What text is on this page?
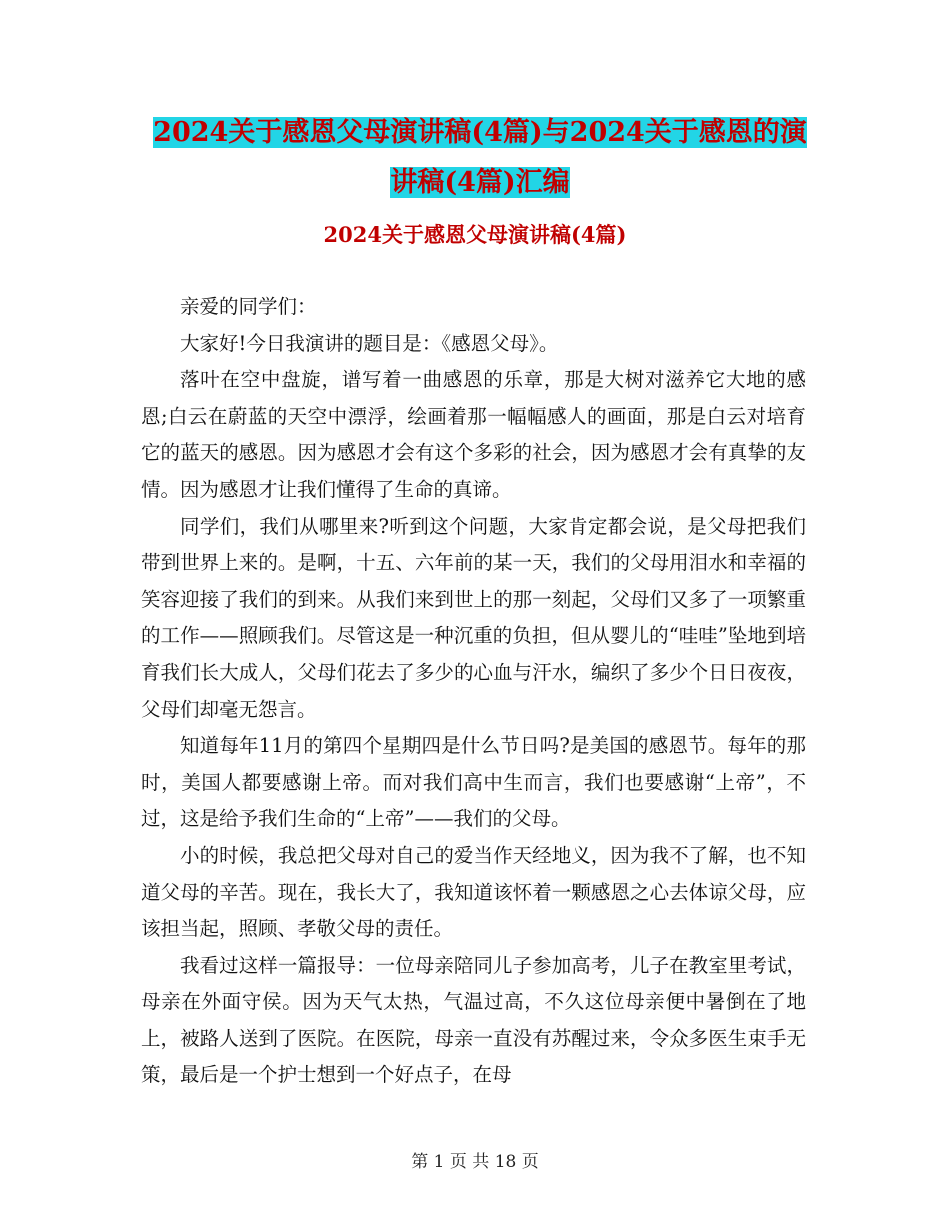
2024关于感恩父母演讲稿(4篇)与2024关于感恩的演讲稿(4篇)汇编
2024关于感恩父母演讲稿(4篇)

亲爱的同学们：

大家好!今日我演讲的题目是：《感恩父母》。

落叶在空中盘旋，谱写着一曲感恩的乐章，那是大树对滋养它大地的感恩;白云在蔚蓝的天空中漂浮，绘画着那一幅幅感人的画面，那是白云对培育它的蓝天的感恩。因为感恩才会有这个多彩的社会，因为感恩才会有真挚的友情。因为感恩才让我们懂得了生命的真谛。

同学们，我们从哪里来?听到这个问题，大家肯定都会说，是父母把我们带到世界上来的。是啊，十五、六年前的某一天，我们的父母用泪水和幸福的笑容迎接了我们的到来。从我们来到世上的那一刻起，父母们又多了一项繁重的工作——照顾我们。尽管这是一种沉重的负担，但从婴儿的“哇哇”坠地到培育我们长大成人，父母们花去了多少的心血与汗水，编织了多少个日日夜夜，父母们却毫无怨言。

知道每年11月的第四个星期四是什么节日吗?是美国的感恩节。每年的那时，美国人都要感谢上帝。而对我们高中生而言，我们也要感谢“上帝”，不过，这是给予我们生命的“上帝”——我们的父母。

小的时候，我总把父母对自己的爱当作天经地义，因为我不了解，也不知道父母的辛苦。现在，我长大了，我知道该怀着一颗感恩之心去体谅父母，应该担当起，照顾、孝敬父母的责任。

我看过这样一篇报导：一位母亲陪同儿子参加高考，儿子在教室里考试，母亲在外面守侯。因为天气太热，气温过高，不久这位母亲便中暑倒在了地上，被路人送到了医院。在医院，母亲一直没有苏醒过来，令众多医生束手无策，最后是一个护士想到一个好点子，在母

第 1 页 共 18 页
